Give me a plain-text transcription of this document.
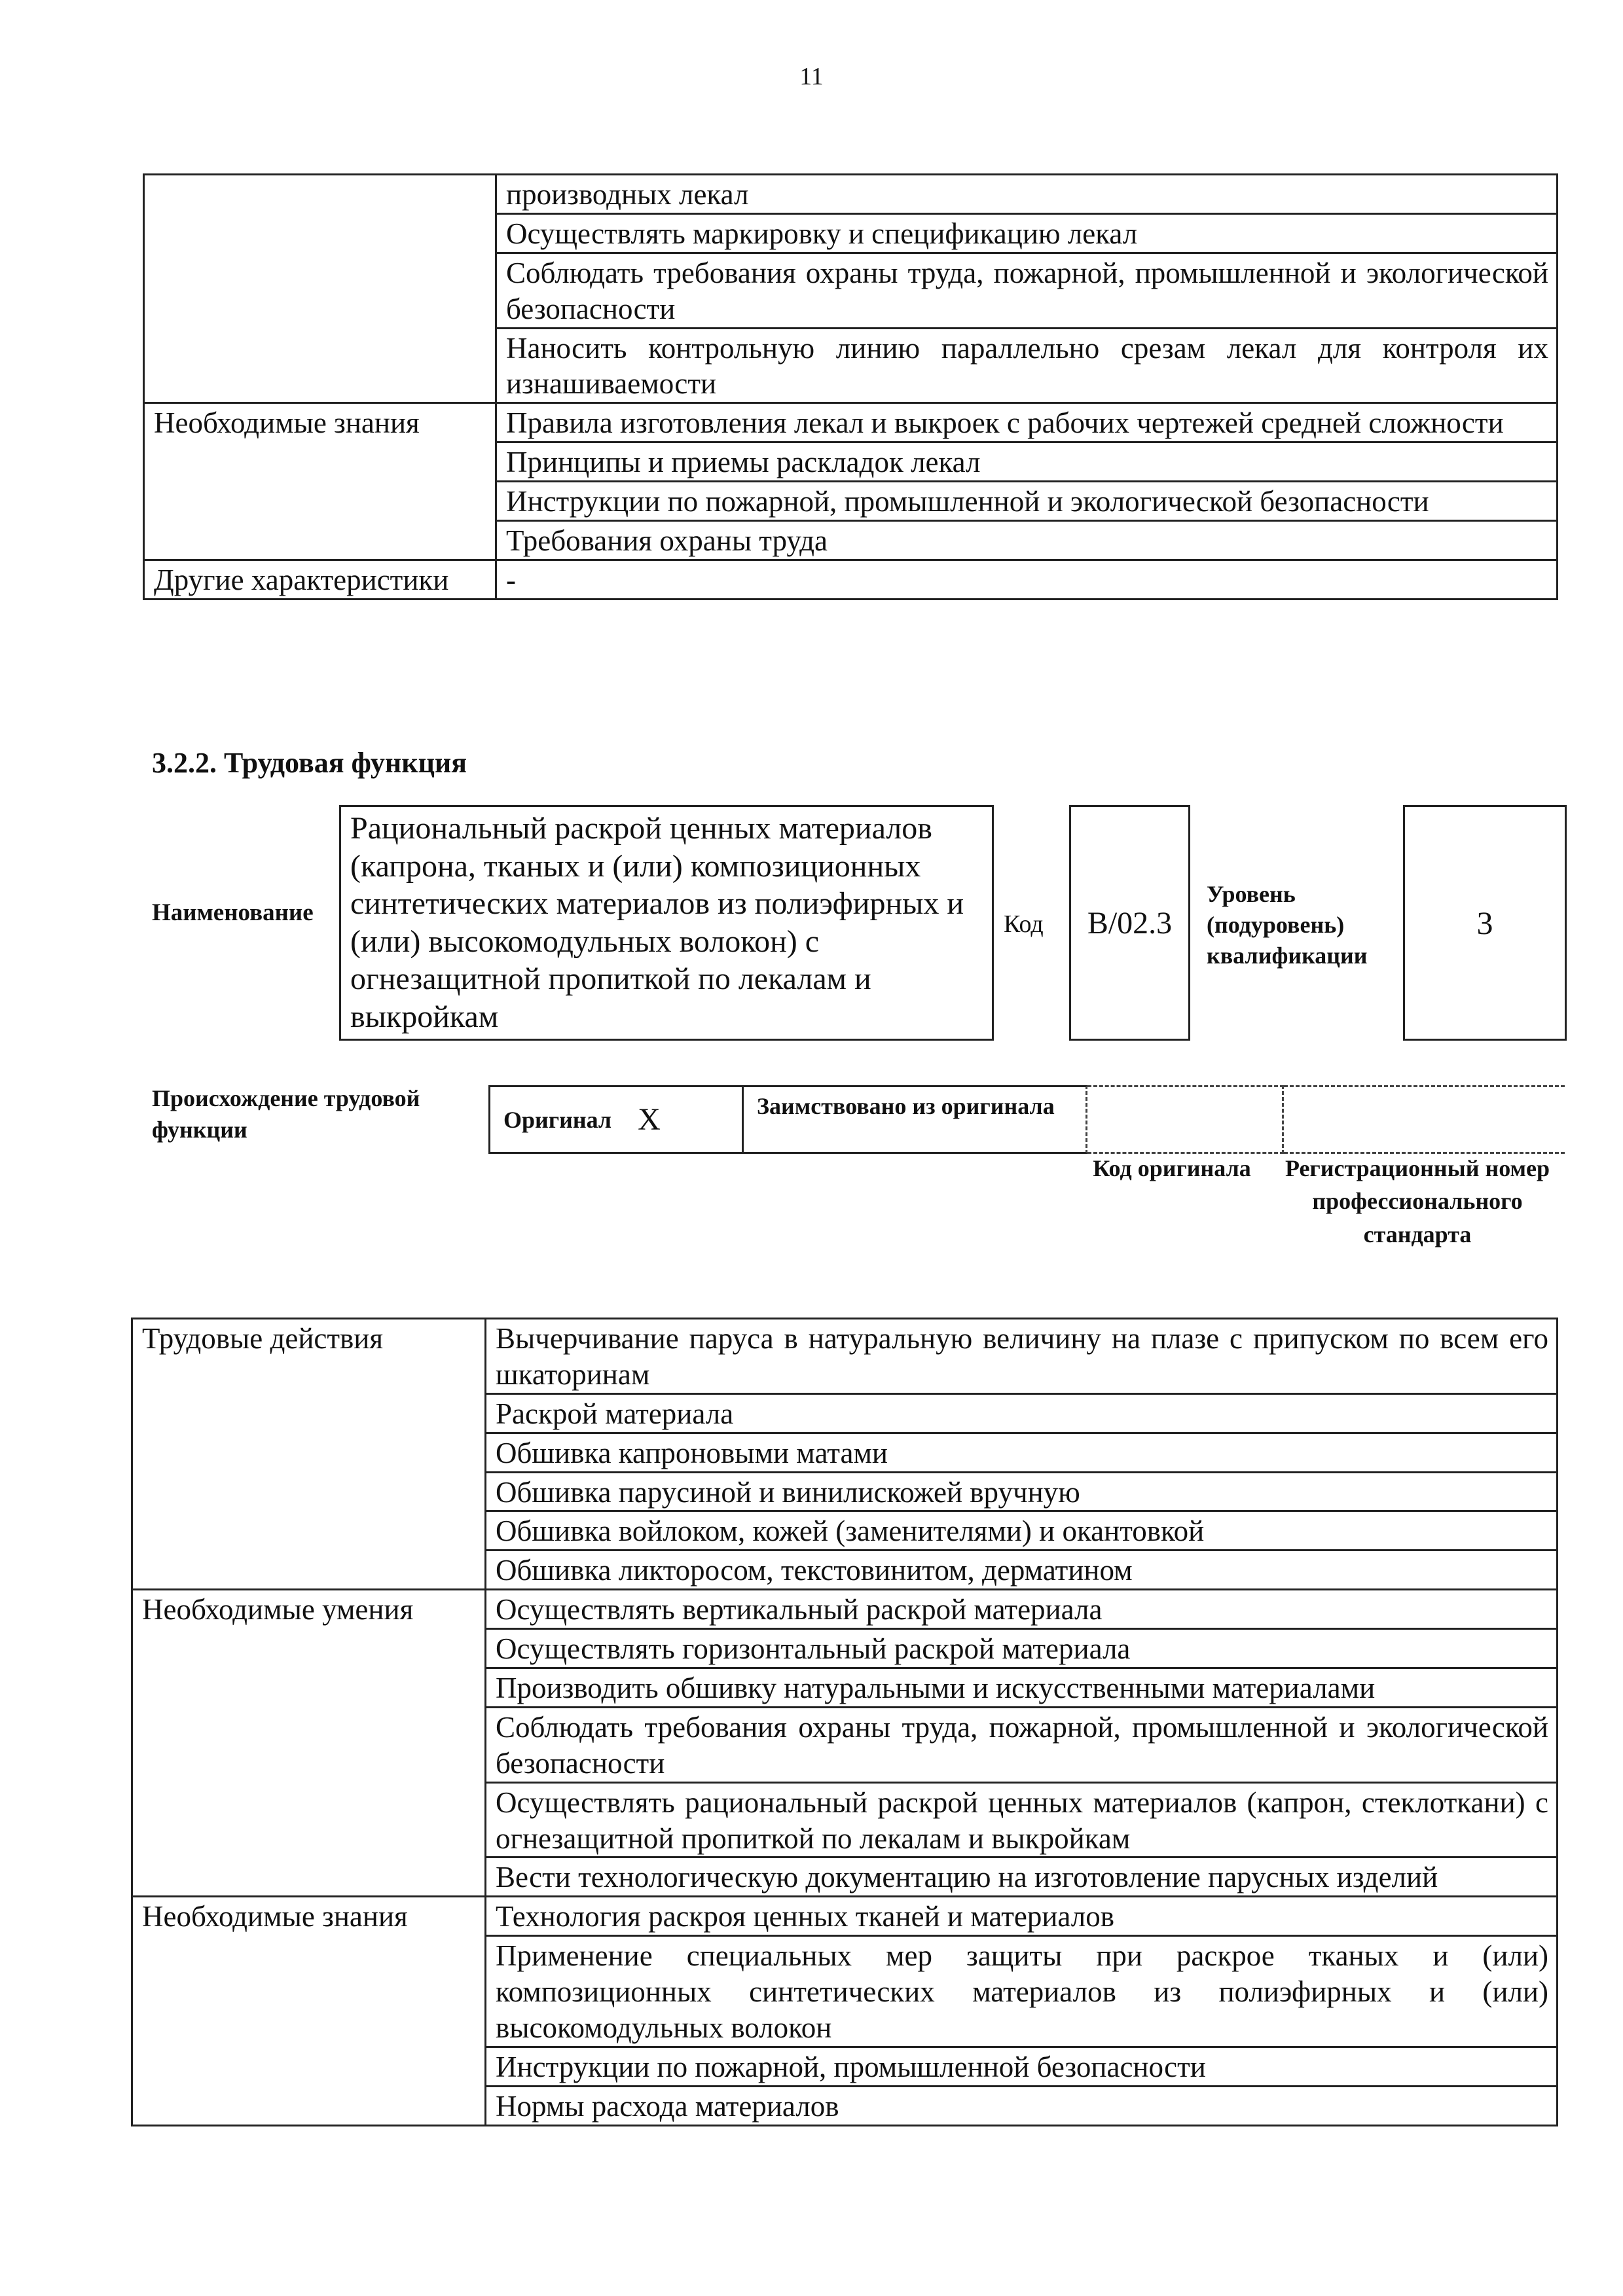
11
	производных лекал
	Осуществлять маркировку и спецификацию лекал
	Соблюдать требования охраны труда, пожарной, промышленной и экологической безопасности
	Наносить контрольную линию параллельно срезам лекал для контроля их изнашиваемости
Необходимые знания	Правила изготовления лекал и выкроек с рабочих чертежей средней сложности
	Принципы и приемы раскладок лекал
	Инструкции по пожарной, промышленной и экологической безопасности
	Требования охраны труда
Другие характеристики	-
3.2.2. Трудовая функция
Наименование
Рациональный раскрой ценных материалов (капрона, тканых и (или) композиционных синтетических материалов из полиэфирных и (или) высокомодульных волокон) с огнезащитной пропиткой по лекалам и выкройкам
Код B/02.3
Уровень (подуровень) квалификации
3
Происхождение трудовой функции	Оригинал X	Заимствовано из оригинала
Код оригинала	Регистрационный номер профессионального стандарта
Трудовые действия	Вычерчивание паруса в натуральную величину на плазе с припуском по всем его шкаторинам
	Раскрой материала
	Обшивка капроновыми матами
	Обшивка парусиной и винилискожей вручную
	Обшивка войлоком, кожей (заменителями) и окантовкой
	Обшивка ликторосом, текстовинитом, дерматином
Необходимые умения	Осуществлять вертикальный раскрой материала
	Осуществлять горизонтальный раскрой материала
	Производить обшивку натуральными и искусственными материалами
	Соблюдать требования охраны труда, пожарной, промышленной и экологической безопасности
	Осуществлять рациональный раскрой ценных материалов (капрон, стеклоткани) с огнезащитной пропиткой по лекалам и выкройкам
	Вести технологическую документацию на изготовление парусных изделий
Необходимые знания	Технология раскроя ценных тканей и материалов
	Применение специальных мер защиты при раскрое тканых и (или) композиционных синтетических материалов из полиэфирных и (или) высокомодульных волокон
	Инструкции по пожарной, промышленной безопасности
	Нормы расхода материалов
